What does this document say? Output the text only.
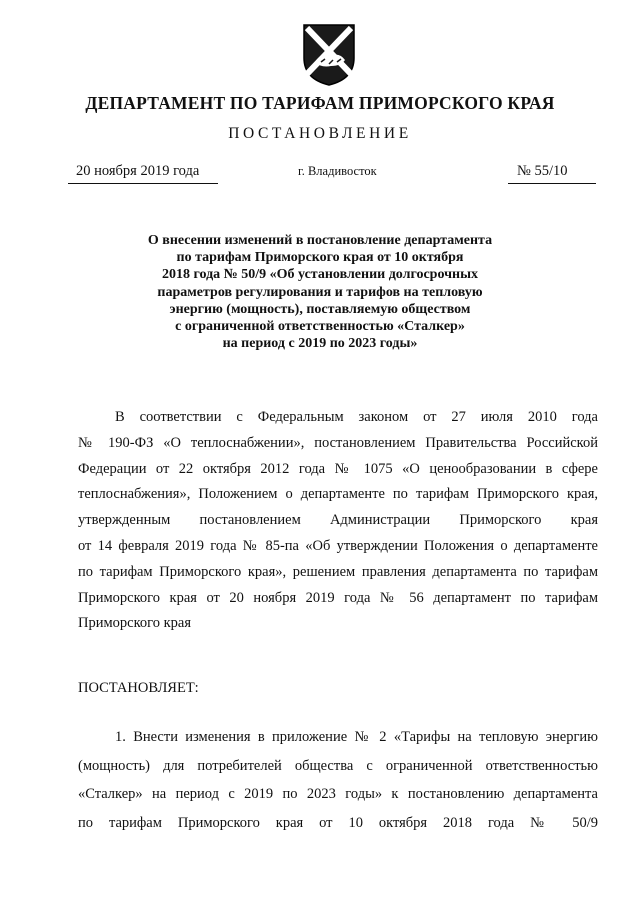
ДЕПАРТАМЕНТ ПО ТАРИФАМ ПРИМОРСКОГО КРАЯ
ПОСТАНОВЛЕНИЕ
20 ноября 2019 года	г. Владивосток	№ 55/10
О внесении изменений в постановление департамента
по тарифам Приморского края от 10 октября
2018 года № 50/9 «Об установлении долгосрочных
параметров регулирования и тарифов на тепловую
энергию (мощность), поставляемую обществом
с ограниченной ответственностью «Сталкер»
на период с 2019 по 2023 годы»
В соответствии с Федеральным законом от 27 июля 2010 года
№ 190-ФЗ «О теплоснабжении», постановлением Правительства Российской
Федерации от 22 октября 2012 года № 1075 «О ценообразовании в сфере
теплоснабжения», Положением о департаменте по тарифам Приморского края,
утвержденным постановлением Администрации Приморского края
от 14 февраля 2019 года № 85-па «Об утверждении Положения о департаменте
по тарифам Приморского края», решением правления департамента по тарифам
Приморского края от 20 ноября 2019 года № 56 департамент по тарифам
Приморского края
ПОСТАНОВЛЯЕТ:
1. Внести изменения в приложение № 2 «Тарифы на тепловую энергию
(мощность) для потребителей общества с ограниченной ответственностью
«Сталкер» на период с 2019 по 2023 годы» к постановлению департамента
по тарифам Приморского края от 10 октября 2018 года № 50/9
